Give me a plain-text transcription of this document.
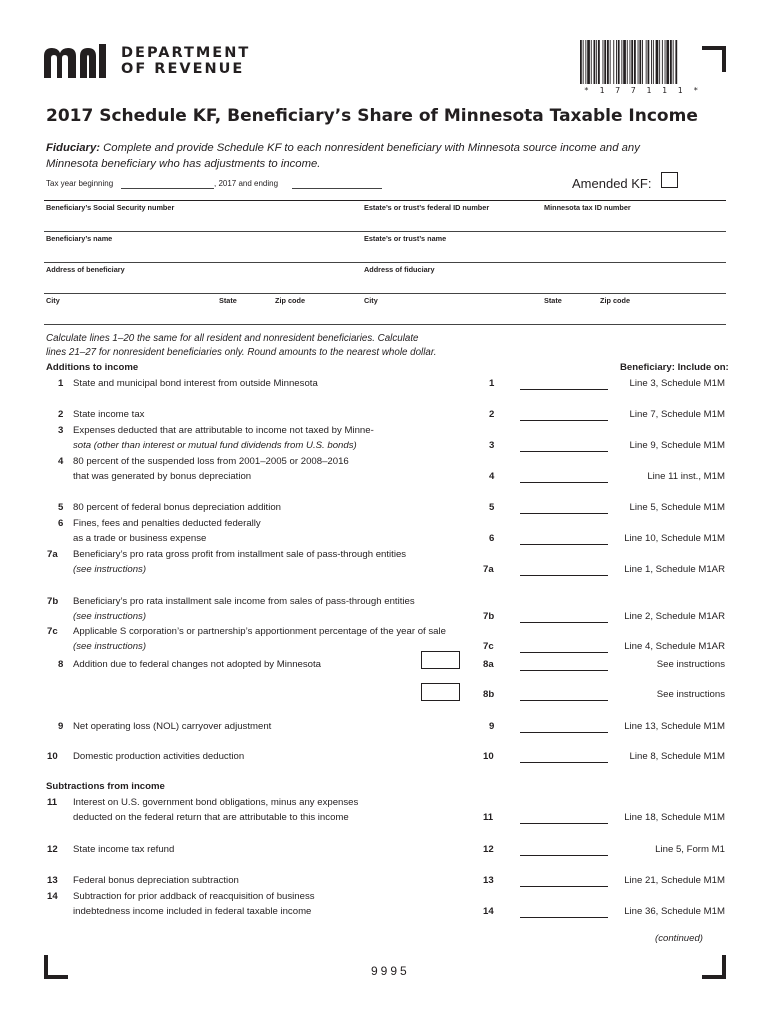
DEPARTMENT
OF REVENUE
* 1 7 7 1 1 1 *
2017 Schedule KF, Beneficiary’s Share of Minnesota Taxable Income
Fiduciary: Complete and provide Schedule KF to each nonresident beneficiary with Minnesota source income and any Minnesota beneficiary who has adjustments to income.
Tax year beginning	, 2017 and ending	Amended KF:
Beneficiary’s Social Security number	Estate’s or trust’s federal ID number	Minnesota tax ID number
Beneficiary’s name	Estate’s or trust’s name
Address of beneficiary	Address of fiduciary
City	State	Zip code	City	State	Zip code
Calculate lines 1–20 the same for all resident and nonresident beneficiaries. Calculate
lines 21–27 for nonresident beneficiaries only. Round amounts to the nearest whole dollar.
Additions to income	Beneficiary: Include on:
1 State and municipal bond interest from outside Minnesota	1	Line 3, Schedule M1M
2 State income tax	2	Line 7, Schedule M1M
3 Expenses deducted that are attributable to income not taxed by Minne-
sota (other than interest or mutual fund dividends from U.S. bonds)	3	Line 9, Schedule M1M
4 80 percent of the suspended loss from 2001–2005 or 2008–2016
that was generated by bonus depreciation	4	Line 11 inst., M1M
5 80 percent of federal bonus depreciation addition	5	Line 5, Schedule M1M
6 Fines, fees and penalties deducted federally
as a trade or business expense	6	Line 10, Schedule M1M
7a Beneficiary’s pro rata gross profit from installment sale of pass-through entities
(see instructions)	7a	Line 1, Schedule M1AR
7b Beneficiary’s pro rata installment sale income from sales of pass-through entities
(see instructions)	7b	Line 2, Schedule M1AR
7c Applicable S corporation’s or partnership’s apportionment percentage of the year of sale
(see instructions)	7c	Line 4, Schedule M1AR
8 Addition due to federal changes not adopted by Minnesota	8a	See instructions
8b	See instructions
9 Net operating loss (NOL) carryover adjustment	9	Line 13, Schedule M1M
10 Domestic production activities deduction	10	Line 8, Schedule M1M
11 Interest on U.S. government bond obligations, minus any expenses
deducted on the federal return that are attributable to this income	11	Line 18, Schedule M1M
12 State income tax refund	12	Line 5, Form M1
13 Federal bonus depreciation subtraction	13	Line 21, Schedule M1M
14 Subtraction for prior addback of reacquisition of business
indebtedness income included in federal taxable income	14	Line 36, Schedule M1M
Subtractions from income
(continued)
9995
